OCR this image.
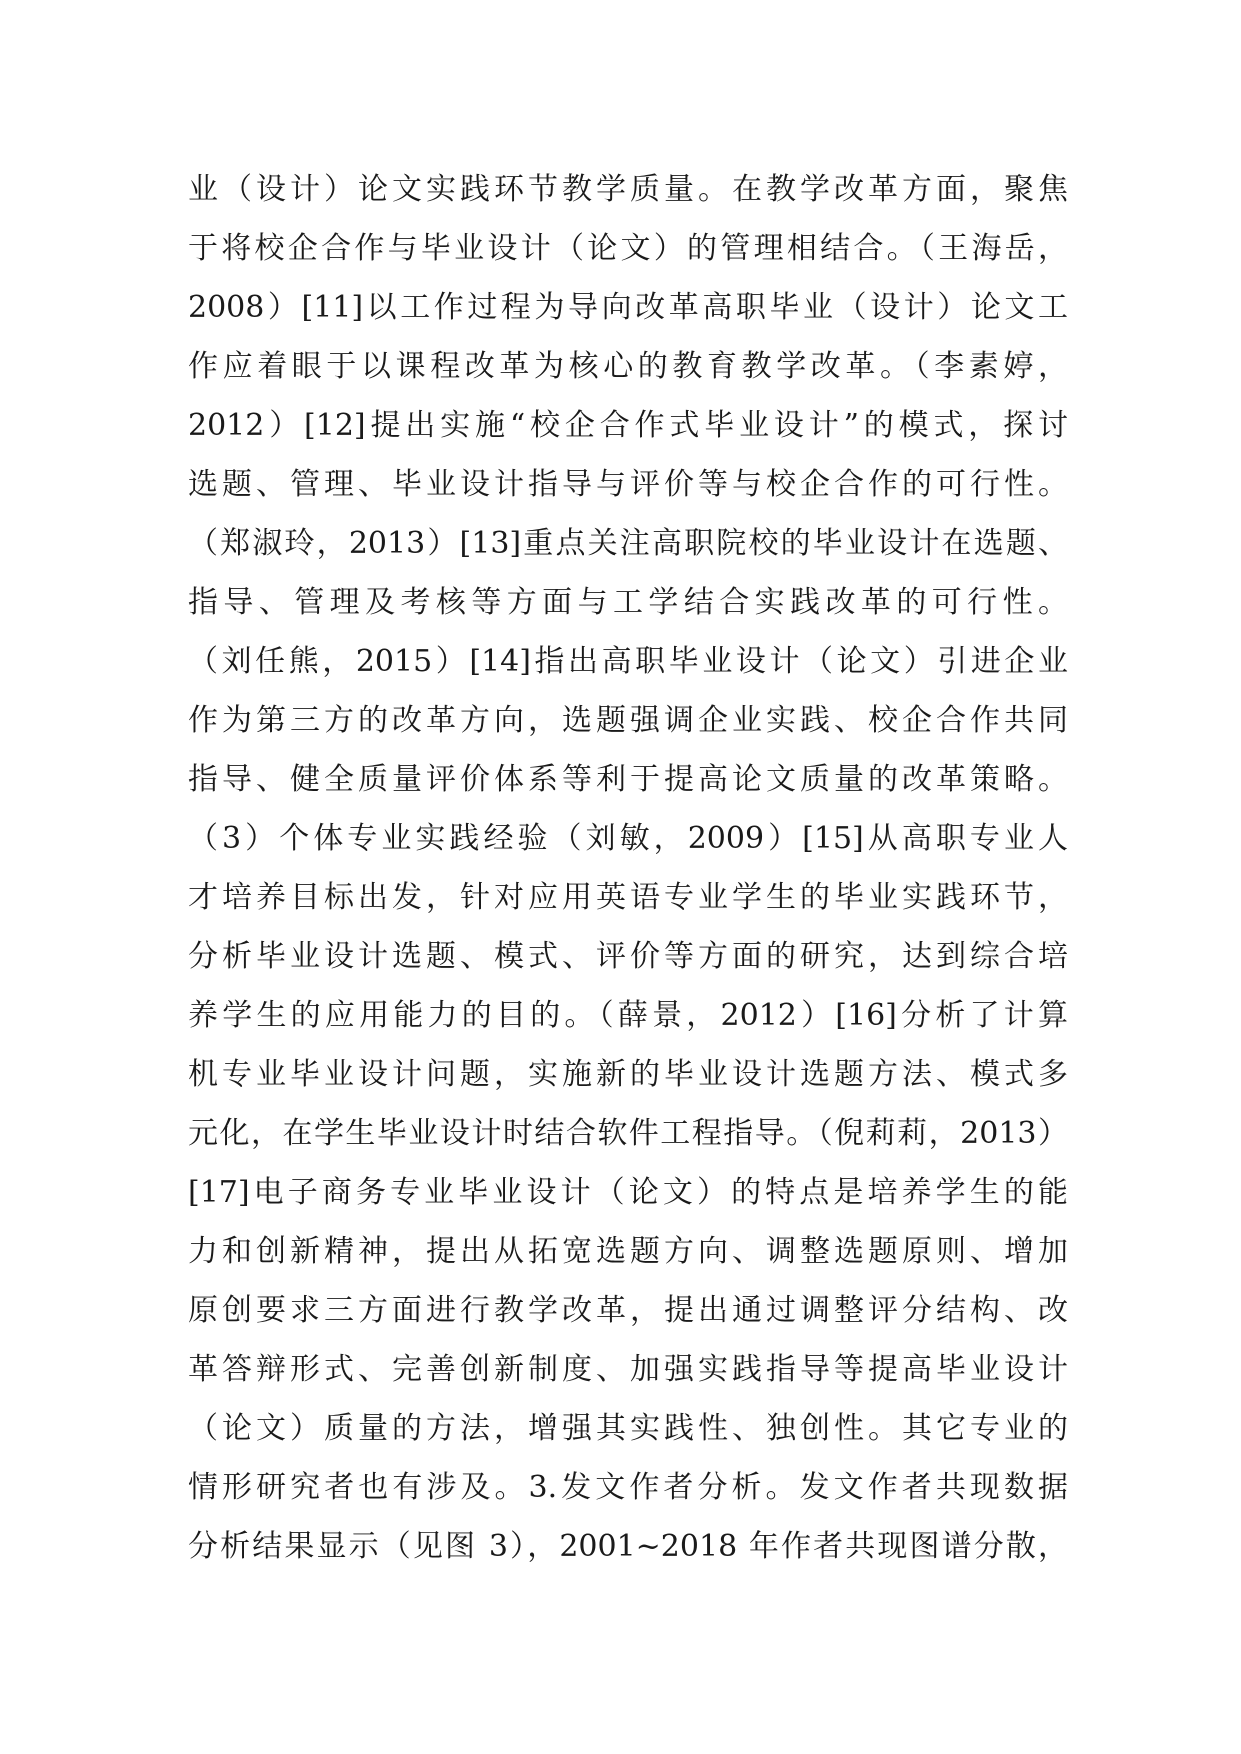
业（设计）论文实践环节教学质量。在教学改革方面，聚焦
于将校企合作与毕业设计（论文）的管理相结合。（王海岳，
2008）[11]以工作过程为导向改革高职毕业（设计）论文工
作应着眼于以课程改革为核心的教育教学改革。（李素婷，
2012）[12]提出实施“校企合作式毕业设计”的模式，探讨
选题、管理、毕业设计指导与评价等与校企合作的可行性。
（郑淑玲，2013）[13]重点关注高职院校的毕业设计在选题、
指导、管理及考核等方面与工学结合实践改革的可行性。
（刘任熊，2015）[14]指出高职毕业设计（论文）引进企业
作为第三方的改革方向，选题强调企业实践、校企合作共同
指导、健全质量评价体系等利于提高论文质量的改革策略。
（3）个体专业实践经验（刘敏，2009）[15]从高职专业人
才培养目标出发，针对应用英语专业学生的毕业实践环节，
分析毕业设计选题、模式、评价等方面的研究，达到综合培
养学生的应用能力的目的。（薛景，2012）[16]分析了计算
机专业毕业设计问题，实施新的毕业设计选题方法、模式多
元化，在学生毕业设计时结合软件工程指导。（倪莉莉，2013）
[17]电子商务专业毕业设计（论文）的特点是培养学生的能
力和创新精神，提出从拓宽选题方向、调整选题原则、增加
原创要求三方面进行教学改革，提出通过调整评分结构、改
革答辩形式、完善创新制度、加强实践指导等提高毕业设计
（论文）质量的方法，增强其实践性、独创性。其它专业的
情形研究者也有涉及。3.发文作者分析。发文作者共现数据
分析结果显示（见图 3），2001~2018 年作者共现图谱分散，
